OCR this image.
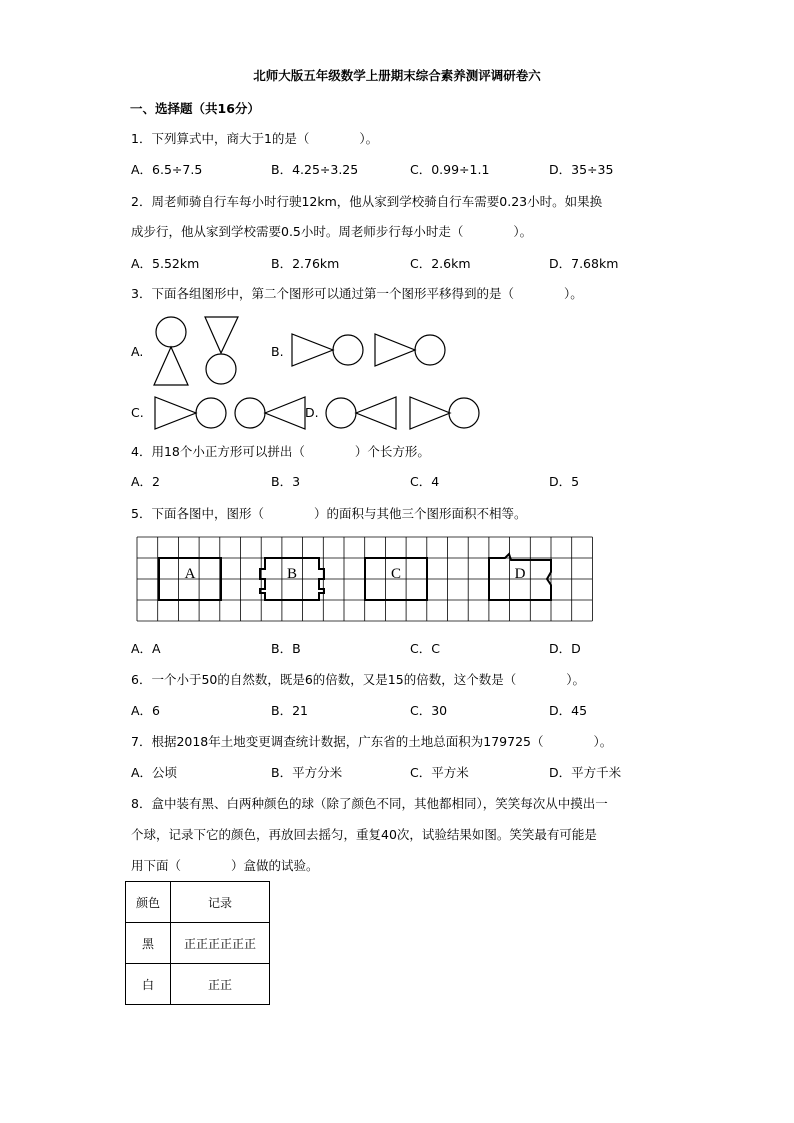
北师大版五年级数学上册期末综合素养测评调研卷六
一、选择题（共16分）
1．下列算式中，商大于1的是（　　　　）。
A．6.5÷7.5	B．4.25÷3.25	C．0.99÷1.1	D．35÷35
2．周老师骑自行车每小时行驶12km，他从家到学校骑自行车需要0.23小时。如果换
成步行，他从家到学校需要0.5小时。周老师步行每小时走（　　　　）。
A．5.52km	B．2.76km	C．2.6km	D．7.68km
3．下面各组图形中，第二个图形可以通过第一个图形平移得到的是（　　　　）。
A.	B.
C.	D.
4．用18个小正方形可以拼出（　　　　）个长方形。
A．2	B．3	C．4	D．5
5．下面各图中，图形（　　　　）的面积与其他三个图形面积不相等。
A	B	C	D
A．A	B．B	C．C	D．D
6．一个小于50的自然数，既是6的倍数，又是15的倍数，这个数是（　　　　）。
A．6	B．21	C．30	D．45
7．根据2018年土地变更调查统计数据，广东省的土地总面积为179725（　　　　）。
A．公顷	B．平方分米	C．平方米	D．平方千米
8．盒中装有黑、白两种颜色的球（除了颜色不同，其他都相同），笑笑每次从中摸出一
个球，记录下它的颜色，再放回去摇匀，重复40次，试验结果如图。笑笑最有可能是
用下面（　　　　）盒做的试验。
颜色	记录
黑	正正正正正正
白	正正
